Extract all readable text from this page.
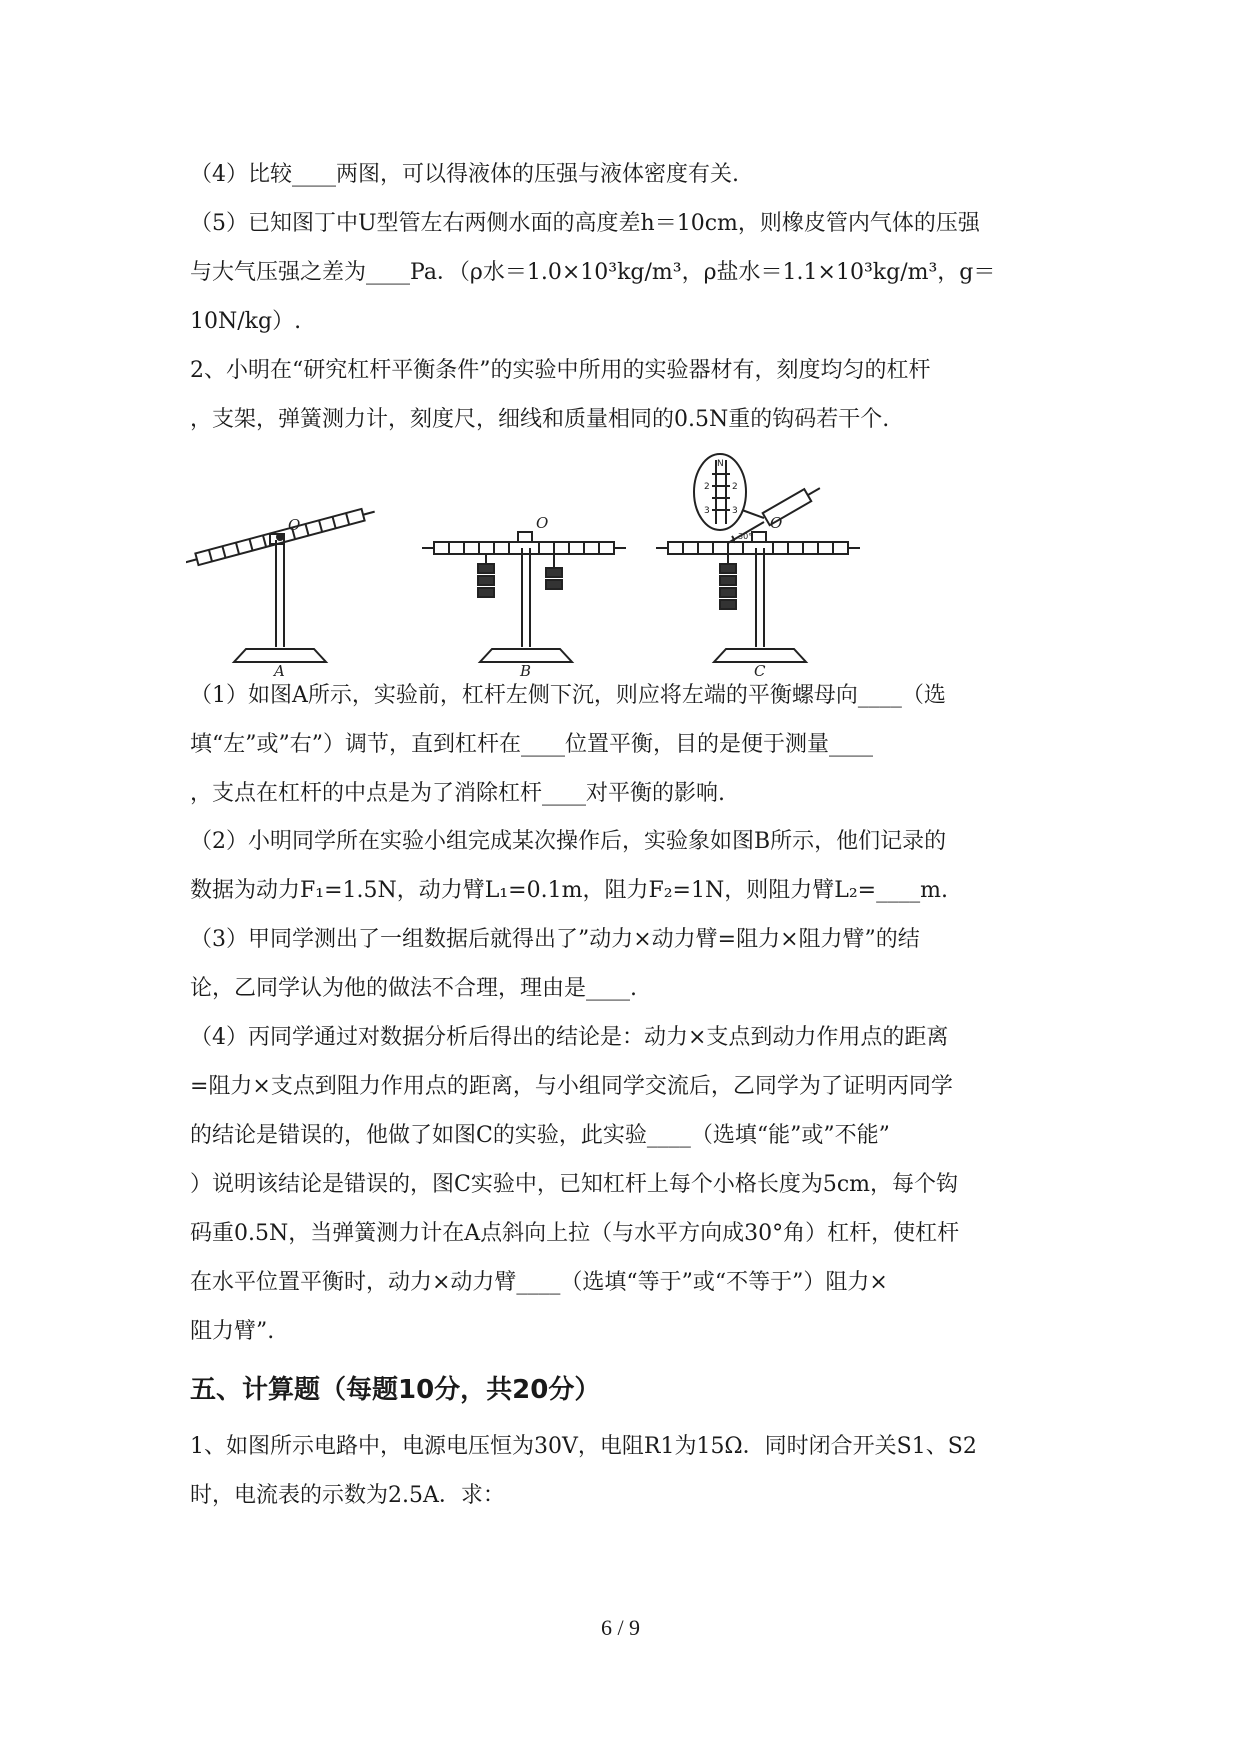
（4）比较____两图，可以得液体的压强与液体密度有关.
（5）已知图丁中U型管左右两侧水面的高度差h＝10cm，则橡皮管内气体的压强
与大气压强之差为____Pa．（ρ水＝1.0×10³kg/m³，ρ盐水＝1.1×10³kg/m³，g＝
10N/kg）.
2、小明在“研究杠杆平衡条件”的实验中所用的实验器材有，刻度均匀的杠杆
，支架，弹簧测力计，刻度尺，细线和质量相同的0.5N重的钩码若干个.
O	O	O
A	B	C
N
2
3
2
3
30°
（1）如图A所示，实验前，杠杆左侧下沉，则应将左端的平衡螺母向____（选
填“左”或”右”）调节，直到杠杆在____位置平衡，目的是便于测量____
，支点在杠杆的中点是为了消除杠杆____对平衡的影响.
（2）小明同学所在实验小组完成某次操作后，实验象如图B所示，他们记录的
数据为动力F₁=1.5N，动力臂L₁=0.1m，阻力F₂=1N，则阻力臂L₂=____m.
（3）甲同学测出了一组数据后就得出了”动力×动力臂=阻力×阻力臂”的结
论，乙同学认为他的做法不合理，理由是____.
（4）丙同学通过对数据分析后得出的结论是：动力×支点到动力作用点的距离
=阻力×支点到阻力作用点的距离，与小组同学交流后，乙同学为了证明丙同学
的结论是错误的，他做了如图C的实验，此实验____（选填“能”或”不能”
）说明该结论是错误的，图C实验中，已知杠杆上每个小格长度为5cm，每个钩
码重0.5N，当弹簧测力计在A点斜向上拉（与水平方向成30°角）杠杆，使杠杆
在水平位置平衡时，动力×动力臂____（选填“等于”或“不等于”）阻力×
阻力臂”.
五、计算题（每题10分，共20分）
1、如图所示电路中，电源电压恒为30V，电阻R1为15Ω．同时闭合开关S1、S2
时，电流表的示数为2.5A．求：
6 / 9
